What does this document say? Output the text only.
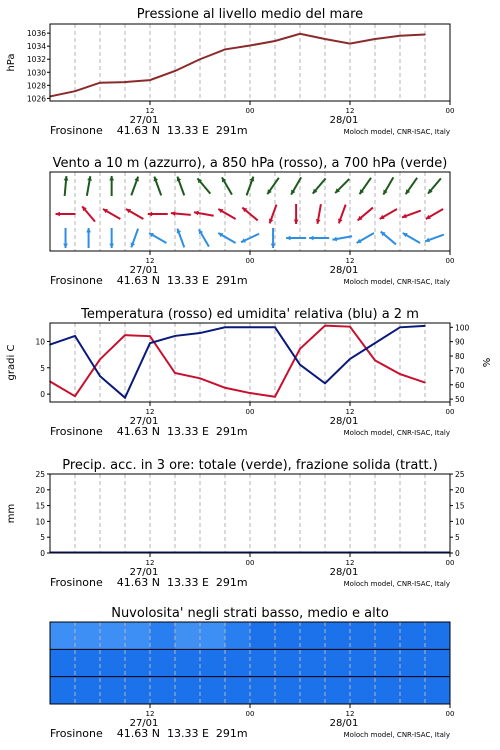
12	00	12	00
27/01	28/01
Frosinone    41.63 N  13.33 E  291m	Moloch model, CNR-ISAC, Italy
Pressione al livello medio del mare
1026
1028
1030
1032
1034
1036
hPa
12	00	12	00
27/01	28/01
Frosinone    41.63 N  13.33 E  291m	Moloch model, CNR-ISAC, Italy
Vento a 10 m (azzurro), a 850 hPa (rosso), a 700 hPa (verde)
12	00	12	00
27/01	28/01
Frosinone    41.63 N  13.33 E  291m	Moloch model, CNR-ISAC, Italy
Temperatura (rosso) ed umidita' relativa (blu) a 2 m
0
5
10
50
60
70
80
90
100
gradi C	%
12	00	12	00
27/01	28/01
Frosinone    41.63 N  13.33 E  291m	Moloch model, CNR-ISAC, Italy
Precip. acc. in 3 ore: totale (verde), frazione solida (tratt.)
0	0
5	5
10	10
15	15
20	20
25	25
mm
12	00	12	00
27/01	28/01
Frosinone    41.63 N  13.33 E  291m	Moloch model, CNR-ISAC, Italy
Nuvolosita' negli strati basso, medio e alto
